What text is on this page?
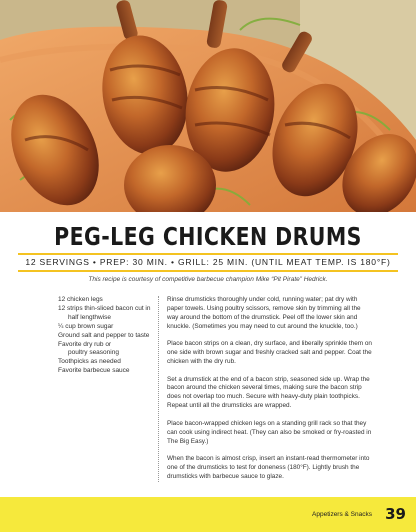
PEG-LEG CHICKEN DRUMS
12 SERVINGS • PREP: 30 MIN. • GRILL: 25 MIN. (UNTIL MEAT TEMP. IS 180°F)
This recipe is courtesy of competitive barbecue champion Mike “Pit Pirate” Hedrick.
12 chicken legs
12 strips thin-sliced bacon cut in
half lengthwise
¼ cup brown sugar
Ground salt and pepper to taste
Favorite dry rub or
poultry seasoning
Toothpicks as needed
Favorite barbecue sauce

Rinse drumsticks thoroughly under cold, running water; pat dry with paper towels. Using poultry scissors, remove skin by trimming all the way around the bottom of the drumstick. Peel off the lower skin and knuckle. (Sometimes you may need to cut around the knuckle, too.)

Place bacon strips on a clean, dry surface, and liberally sprinkle them on one side with brown sugar and freshly cracked salt and pepper. Coat the chicken with the dry rub.

Set a drumstick at the end of a bacon strip, seasoned side up. Wrap the bacon around the chicken several times, making sure the bacon strip does not overlap too much. Secure with heavy-duty plain toothpicks. Repeat until all the drumsticks are wrapped.

Place bacon-wrapped chicken legs on a standing grill rack so that they can cook using indirect heat. (They can also be smoked or fry-roasted in The Big Easy.)

When the bacon is almost crisp, insert an instant-read thermometer into one of the drumsticks to test for doneness (180°F). Lightly brush the drumsticks with barbecue sauce to glaze.

Appetizers & Snacks 39
